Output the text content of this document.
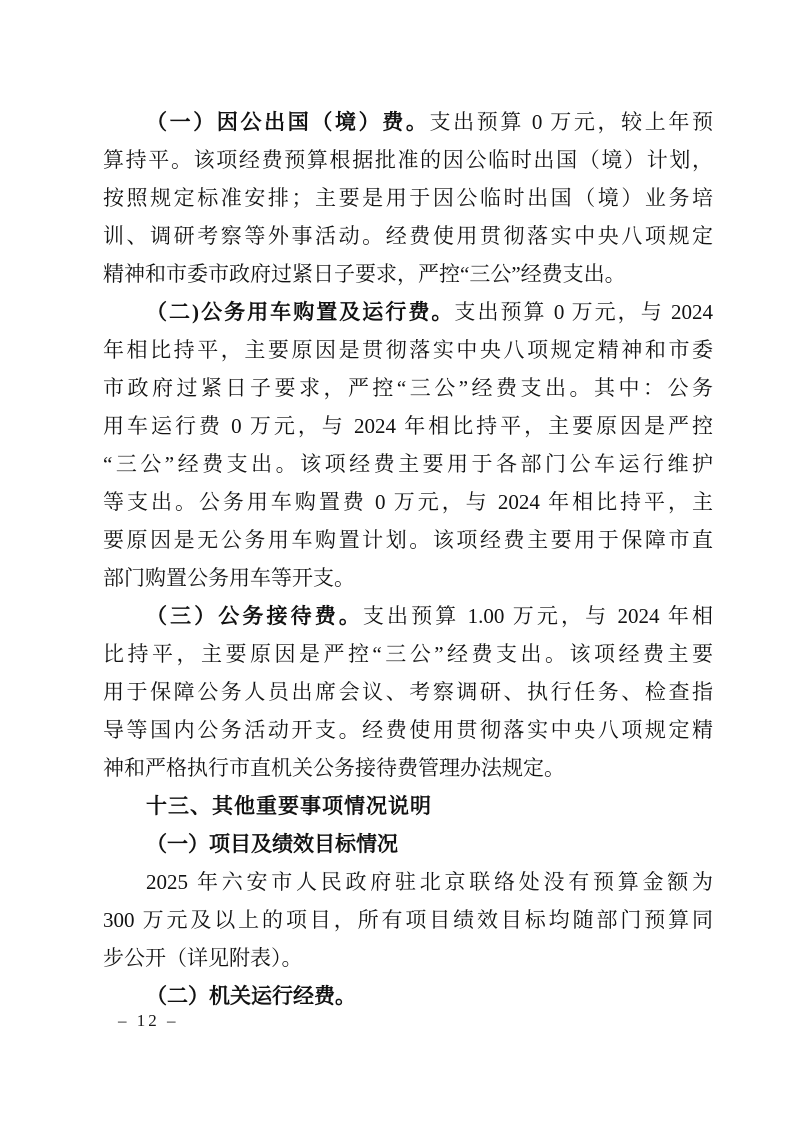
（一）因公出国（境）费。支出预算 0 万元，较上年预
算持平。该项经费预算根据批准的因公临时出国（境）计划，
按照规定标准安排；主要是用于因公临时出国（境）业务培
训、调研考察等外事活动。经费使用贯彻落实中央八项规定
精神和市委市政府过紧日子要求，严控“三公”经费支出。
（二)公务用车购置及运行费。支出预算 0 万元，与 2024
年相比持平，主要原因是贯彻落实中央八项规定精神和市委
市政府过紧日子要求，严控“三公”经费支出。其中：公务
用车运行费 0 万元，与 2024 年相比持平，主要原因是严控
“三公”经费支出。该项经费主要用于各部门公车运行维护
等支出。公务用车购置费 0 万元，与 2024 年相比持平，主
要原因是无公务用车购置计划。该项经费主要用于保障市直
部门购置公务用车等开支。
（三）公务接待费。支出预算 1.00 万元，与 2024 年相
比持平，主要原因是严控“三公”经费支出。该项经费主要
用于保障公务人员出席会议、考察调研、执行任务、检查指
导等国内公务活动开支。经费使用贯彻落实中央八项规定精
神和严格执行市直机关公务接待费管理办法规定。
十三、其他重要事项情况说明
（一）项目及绩效目标情况
2025 年六安市人民政府驻北京联络处没有预算金额为
300 万元及以上的项目，所有项目绩效目标均随部门预算同
步公开（详见附表）。
（二）机关运行经费。
– 12 –
